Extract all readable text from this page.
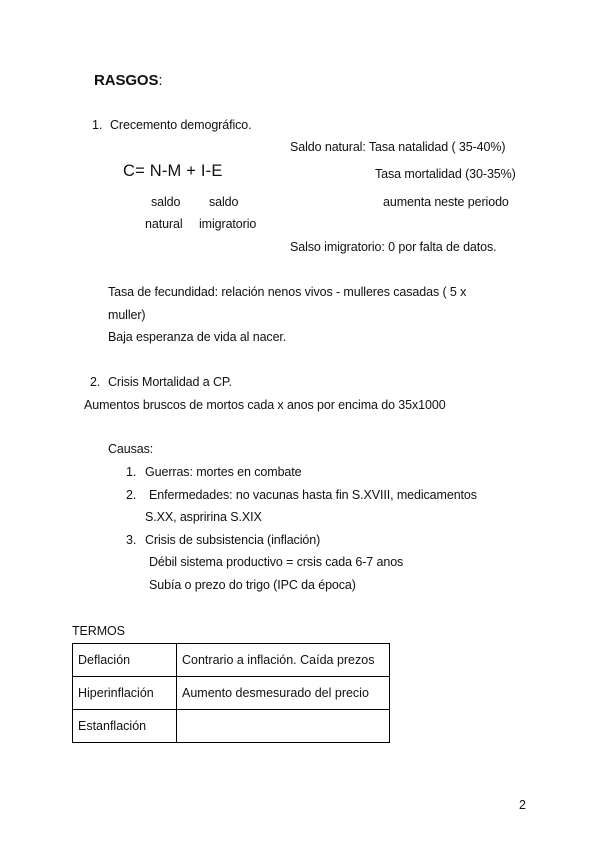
RASGOS:
1. Crecemento demográfico.
Saldo natural: Tasa natalidad ( 35-40%)
C= N-M + I-E	Tasa mortalidad (30-35%)
saldo saldo	aumenta neste periodo
natural imigratorio
Salso imigratorio: 0 por falta de datos.
Tasa de fecundidad: relación nenos vivos - mulleres casadas ( 5 x
muller)
Baja esperanza de vida al nacer.
2. Crisis Mortalidad a CP.
Aumentos bruscos de mortos cada x anos por encima do 35x1000
Causas:
1. Guerras: mortes en combate
2. Enfermedades: no vacunas hasta fin S.XVIII, medicamentos
S.XX, aspririna S.XIX
3. Crisis de subsistencia (inflación)
Débil sistema productivo = crsis cada 6-7 anos
Subía o prezo do trigo (IPC da época)
TERMOS
Deflación	Contrario a inflación. Caída prezos
Hiperinflación	Aumento desmesurado del precio
Estanflación	
2
